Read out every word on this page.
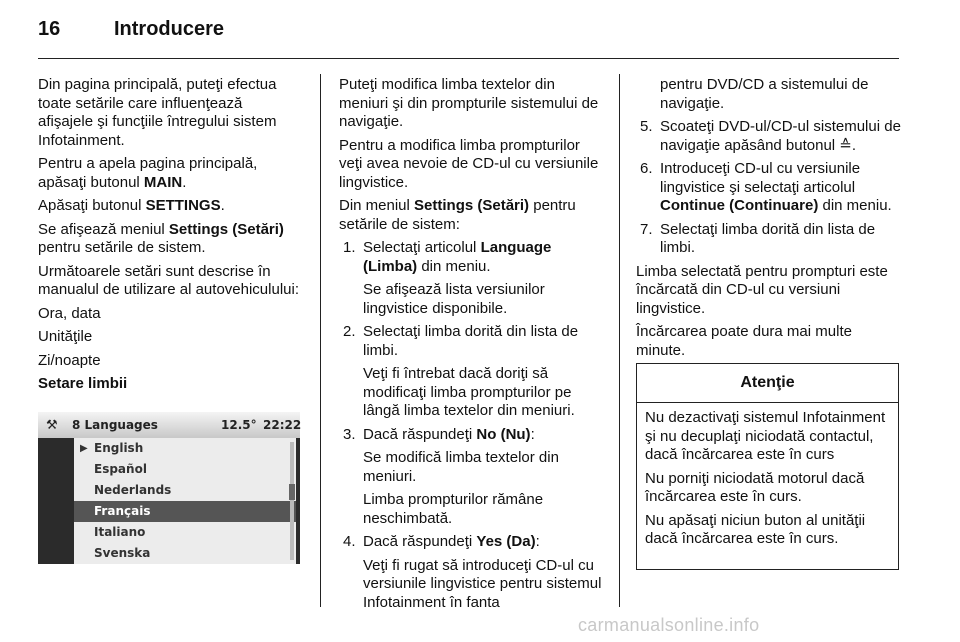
16	Introducere

Din pagina principală, puteţi efectua toate setările care influenţează afişajele şi funcţiile întregului sistem Infotainment.

Pentru a apela pagina principală, apăsaţi butonul MAIN.

Apăsaţi butonul SETTINGS.

Se afişează meniul Settings (Setări) pentru setările de sistem.

Următoarele setări sunt descrise în manualul de utilizare al autovehiculului:

Ora, data

Unităţile

Zi/noapte

Setare limbii

⚒ 8 Languages	12.5° 22:22
▶ English
Español
Nederlands
Français
Italiano
Svenska

Puteţi modifica limba textelor din meniuri şi din prompturile sistemului de navigaţie.

Pentru a modifica limba prompturilor veţi avea nevoie de CD-ul cu versiunile lingvistice.

Din meniul Settings (Setări) pentru setările de sistem:

1. Selectaţi articolul Language (Limba) din meniu.

Se afişează lista versiunilor lingvistice disponibile.

2. Selectaţi limba dorită din lista de limbi.

Veţi fi întrebat dacă doriţi să modificaţi limba prompturilor pe lângă limba textelor din meniuri.

3. Dacă răspundeţi No (Nu):

Se modifică limba textelor din meniuri.

Limba prompturilor rămâne neschimbată.

4. Dacă răspundeţi Yes (Da):

Veţi fi rugat să introduceţi CD-ul cu versiunile lingvistice pentru sistemul Infotainment în fanta

pentru DVD/CD a sistemului de navigaţie.

5. Scoateţi DVD-ul/CD-ul sistemului de navigaţie apăsând butonul ≙.

6. Introduceţi CD-ul cu versiunile lingvistice şi selectaţi articolul Continue (Continuare) din meniu.

7. Selectaţi limba dorită din lista de limbi.

Limba selectată pentru prompturi este încărcată din CD-ul cu versiuni lingvistice.

Încărcarea poate dura mai multe minute.

Atenţie

Nu dezactivaţi sistemul Infotainment şi nu decuplaţi niciodată contactul, dacă încărcarea este în curs

Nu porniţi niciodată motorul dacă încărcarea este în curs.

Nu apăsaţi niciun buton al unităţii dacă încărcarea este în curs.

carmanualsonline.info
